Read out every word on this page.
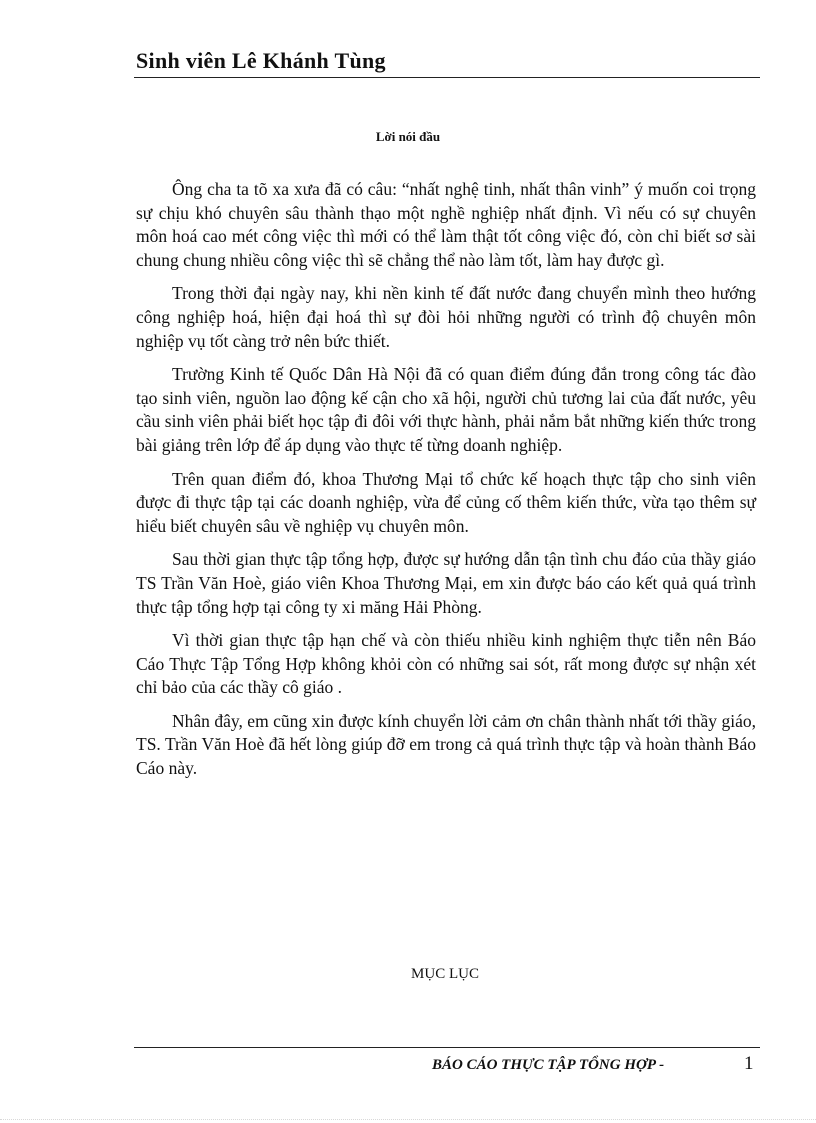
Sinh viên Lê Khánh Tùng
Lời nói đầu

Ông cha ta tõ xa xưa đã có câu: “nhất nghệ tinh, nhất thân vinh” ý muốn coi trọng sự chịu khó chuyên sâu thành thạo một nghề nghiệp nhất định. Vì nếu có sự chuyên môn hoá cao mét công việc thì mới có thể làm thật tốt công việc đó, còn chỉ biết sơ sài chung chung nhiều công việc thì sẽ chẳng thể nào làm tốt, làm hay được gì.

Trong thời đại ngày nay, khi nền kinh tế đất nước đang chuyển mình theo hướng công nghiệp hoá, hiện đại hoá thì sự đòi hỏi những người có trình độ chuyên môn nghiệp vụ tốt càng trở nên bức thiết.

Trường Kinh tế Quốc Dân Hà Nội đã có quan điểm đúng đắn trong công tác đào tạo sinh viên, nguồn lao động kế cận cho xã hội, người chủ tương lai của đất nước, yêu cầu sinh viên phải biết học tập đi đôi với thực hành, phải nắm bắt những kiến thức trong bài giảng trên lớp để áp dụng vào thực tế từng doanh nghiệp.

Trên quan điểm đó, khoa Thương Mại tổ chức kế hoạch thực tập cho sinh viên được đi thực tập tại các doanh nghiệp, vừa để củng cố thêm kiến thức, vừa tạo thêm sự hiểu biết chuyên sâu về nghiệp vụ chuyên môn.

Sau thời gian thực tập tổng hợp, được sự hướng dẫn tận tình chu đáo của thầy giáo TS Trần Văn Hoè, giáo viên Khoa Thương Mại, em xin được báo cáo kết quả quá trình thực tập tổng hợp tại công ty xi măng Hải Phòng.

Vì thời gian thực tập hạn chế và còn thiếu nhiều kinh nghiệm thực tiễn nên Báo Cáo Thực Tập Tổng Hợp không khỏi còn có những sai sót, rất mong được sự nhận xét chỉ bảo của các thầy cô giáo .

Nhân đây, em cũng xin được kính chuyển lời cảm ơn chân thành nhất tới thầy giáo, TS. Trần Văn Hoè đã hết lòng giúp đỡ em trong cả quá trình thực tập và hoàn thành Báo Cáo này.

MỤC LỤC
BÁO CÁO THỰC TẬP TỔNG HỢP -	1
